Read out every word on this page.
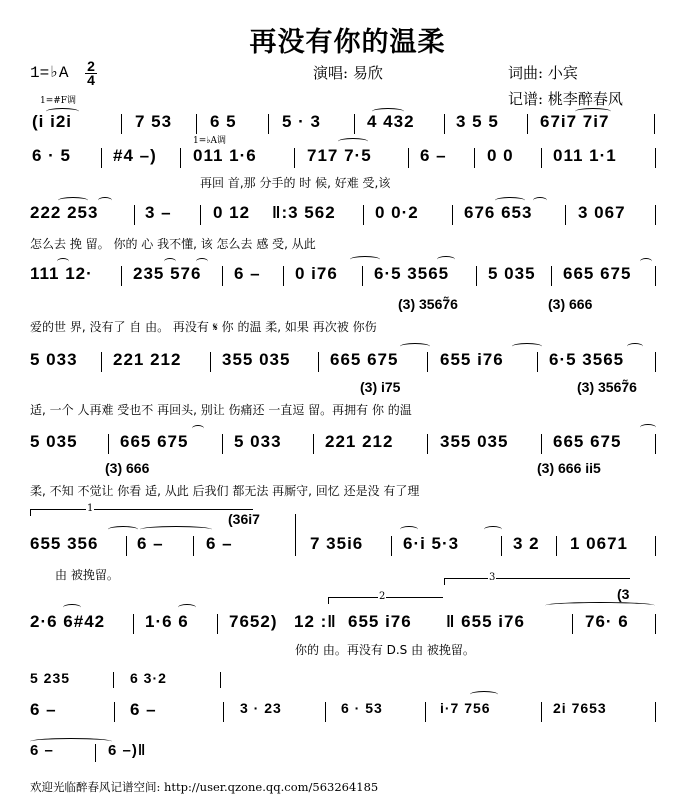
再没有你的温柔
1=♭A 2
4	演唱: 易欣	词曲: 小宾
记谱: 桃李醉春风
1=#F调
(i i2i	7 53 6 5	5 · 3	4 432 3 5 5 67i7 7i7
1=♭A调
6 · 5 #4 –) 011 1·6	717 7·5	6 – 0 0 011 1·1
再回 首,那 分手的 时 候, 好难 受,该
222 253	3 – 0 12 ‖:3 562 0 0·2	676 653	3 067
怎么去 挽 留。 你的 心 我不懂, 该 怎么去 感 受, 从此
111 12· 235 576 6 – 0 i76 6·5 3565 5 035 665 675
(3) 3567̃6	(3) 666
爱的世 界, 没有了 自 由。 再没有 𝄋 你 的温 柔, 如果 再次被 你伤
5 033 221 212 355 035 665 675 655 i76	6·5 3565
(3) i75	(3) 3567̃6
适, 一个 人再难 受也不 再回头, 别让 伤痛还 一直逗 留。再拥有 你 的温
5 035 665 675	5 033	221 212	355 035	665 675
(3) 666	(3) 666 ii5
柔, 不知 不觉让 你看 适, 从此 后我们 都无法 再厮守, 回忆 还是没 有了理
1
(36i7
655 356 6 – 6 –	7 35i6 6·i 5·3	3 2 1 0671
由 被挽留。	3
2	(3
2·6 6#42 1·6 6 7652) 12 :‖ 655 i76 ‖ 655 i76	76· 6
你的 由。再没有 D.S 由 被挽留。
5 235	6 3·2
6 –	6 –	3 · 23	6 · 53	i·7 756	2i 7653
6 –	6 –)‖
欢迎光临醉春风记谱空间: http://user.qzone.qq.com/563264185
